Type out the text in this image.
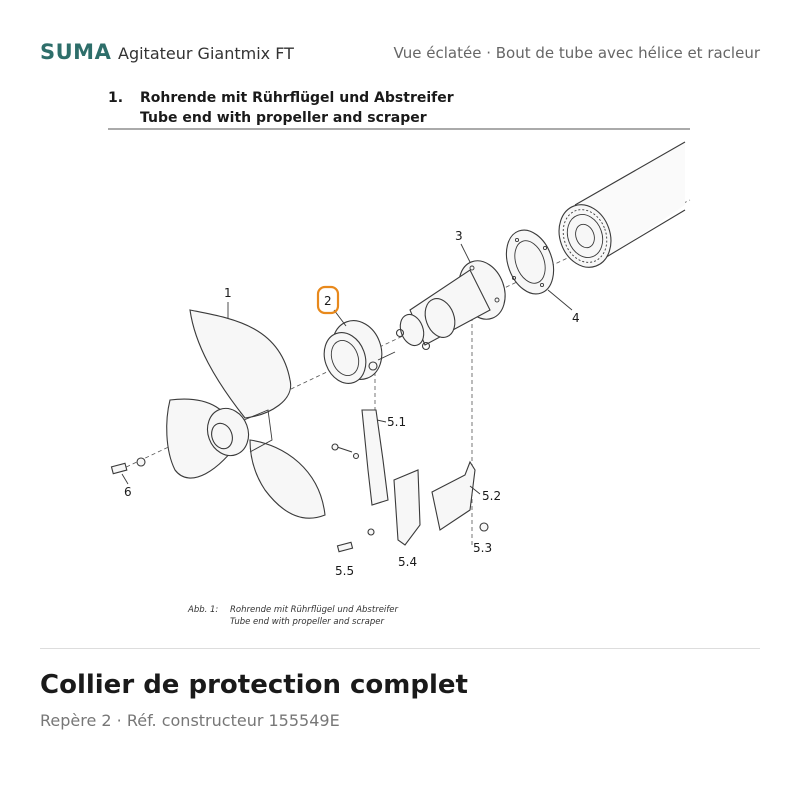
SUMA Agitateur Giantmix FT	Vue éclatée · Bout de tube avec hélice et racleur
1. Rohrende mit Rührflügel und Abstreifer
Tube end with propeller and scraper
1
2
3
4
6
5.1
5.2
5.3
5.4
5.5
Abb. 1: Rohrende mit Rührflügel und Abstreifer
Tube end with propeller and scraper
Collier de protection complet
Repère 2 · Réf. constructeur 155549E
